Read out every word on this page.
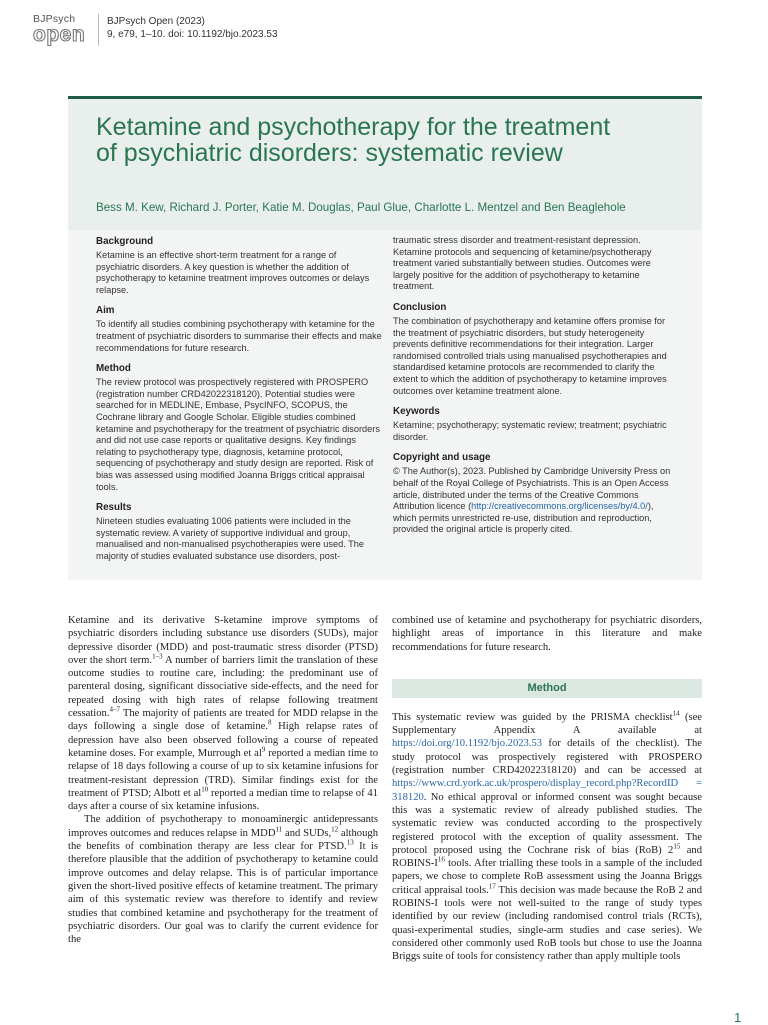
BJPsych
open
BJPsych Open (2023)
9, e79, 1–10. doi: 10.1192/bjo.2023.53
Ketamine and psychotherapy for the treatment of psychiatric disorders: systematic review
Bess M. Kew, Richard J. Porter, Katie M. Douglas, Paul Glue, Charlotte L. Mentzel and Ben Beaglehole
Background

Ketamine is an effective short-term treatment for a range of psychiatric disorders. A key question is whether the addition of psychotherapy to ketamine treatment improves outcomes or delays relapse.

Aim

To identify all studies combining psychotherapy with ketamine for the treatment of psychiatric disorders to summarise their effects and make recommendations for future research.

Method

The review protocol was prospectively registered with PROSPERO (registration number CRD42022318120). Potential studies were searched for in MEDLINE, Embase, PsycINFO, SCOPUS, the Cochrane library and Google Scholar. Eligible studies combined ketamine and psychotherapy for the treatment of psychiatric disorders and did not use case reports or qualitative designs. Key findings relating to psychotherapy type, diagnosis, ketamine protocol, sequencing of psychotherapy and study design are reported. Risk of bias was assessed using modified Joanna Briggs critical appraisal tools.

Results

Nineteen studies evaluating 1006 patients were included in the systematic review. A variety of supportive individual and group, manualised and non-manualised psychotherapies were used. The majority of studies evaluated substance use disorders, post-

traumatic stress disorder and treatment-resistant depression. Ketamine protocols and sequencing of ketamine/psychotherapy treatment varied substantially between studies. Outcomes were largely positive for the addition of psychotherapy to ketamine treatment.

Conclusion

The combination of psychotherapy and ketamine offers promise for the treatment of psychiatric disorders, but study heterogeneity prevents definitive recommendations for their integration. Larger randomised controlled trials using manualised psychotherapies and standardised ketamine protocols are recommended to clarify the extent to which the addition of psychotherapy to ketamine improves outcomes over ketamine treatment alone.

Keywords

Ketamine; psychotherapy; systematic review; treatment; psychiatric disorder.

Copyright and usage

© The Author(s), 2023. Published by Cambridge University Press on behalf of the Royal College of Psychiatrists. This is an Open Access article, distributed under the terms of the Creative Commons Attribution licence (http://creativecommons.org/licenses/by/4.0/), which permits unrestricted re-use, distribution and reproduction, provided the original article is properly cited.

Ketamine and its derivative S-ketamine improve symptoms of psychiatric disorders including substance use disorders (SUDs), major depressive disorder (MDD) and post-traumatic stress disorder (PTSD) over the short term.$^{1-3}$ A number of barriers limit the translation of these outcome studies to routine care, including: the predominant use of parenteral dosing, significant dissociative side-effects, and the need for repeated dosing with high rates of relapse following treatment cessation.$^{4-7}$ The majority of patients are treated for MDD relapse in the days following a single dose of ketamine.$^8$ High relapse rates of depression have also been observed following a course of repeated ketamine doses. For example, Murrough et $al^9$ reported a median time to relapse of 18 days following a course of up to six ketamine infusions for treatment-resistant depression (TRD). Similar findings exist for the treatment of PTSD; Albott et $al^{10}$ reported a median time to relapse of 41 days after a course of six ketamine infusions.

The addition of psychotherapy to monoaminergic antidepressants improves outcomes and reduces relapse in MDD$^{11}$ and SUDs,$^{12}$ although the benefits of combination therapy are less clear for PTSD.$^{13}$ It is therefore plausible that the addition of psychotherapy to ketamine could improve outcomes and delay relapse. This is of particular importance given the short-lived positive effects of ketamine treatment. The primary aim of this systematic review was therefore to identify and review studies that combined ketamine and psychotherapy for the treatment of psychiatric disorders. Our goal was to clarify the current evidence for the

combined use of ketamine and psychotherapy for psychiatric disorders, highlight areas of importance in this literature and make recommendations for future research.

Method

This systematic review was guided by the PRISMA checklist$^{14}$ (see Supplementary Appendix A available at https://doi.org/10.1192/bjo.2023.53 for details of the checklist). The study protocol was prospectively registered with PROSPERO (registration number CRD42022318120) and can be accessed at https://www.crd.york.ac.uk/prospero/display_record.php?RecordID = 318120. No ethical approval or informed consent was sought because this was a systematic review of already published studies. The systematic review was conducted according to the prospectively registered protocol with the exception of quality assessment. The protocol proposed using the Cochrane risk of bias (RoB) $2^{15}$ and ROBINS-$I^{16}$ tools. After trialling these tools in a sample of the included papers, we chose to complete RoB assessment using the Joanna Briggs critical appraisal tools.$^{17}$ This decision was made because the RoB 2 and ROBINS-I tools were not well-suited to the range of study types identified by our review (including randomised control trials (RCTs), quasi-experimental studies, single-arm studies and case series). We considered other commonly used RoB tools but chose to use the Joanna Briggs suite of tools for consistency rather than apply multiple tools

1
